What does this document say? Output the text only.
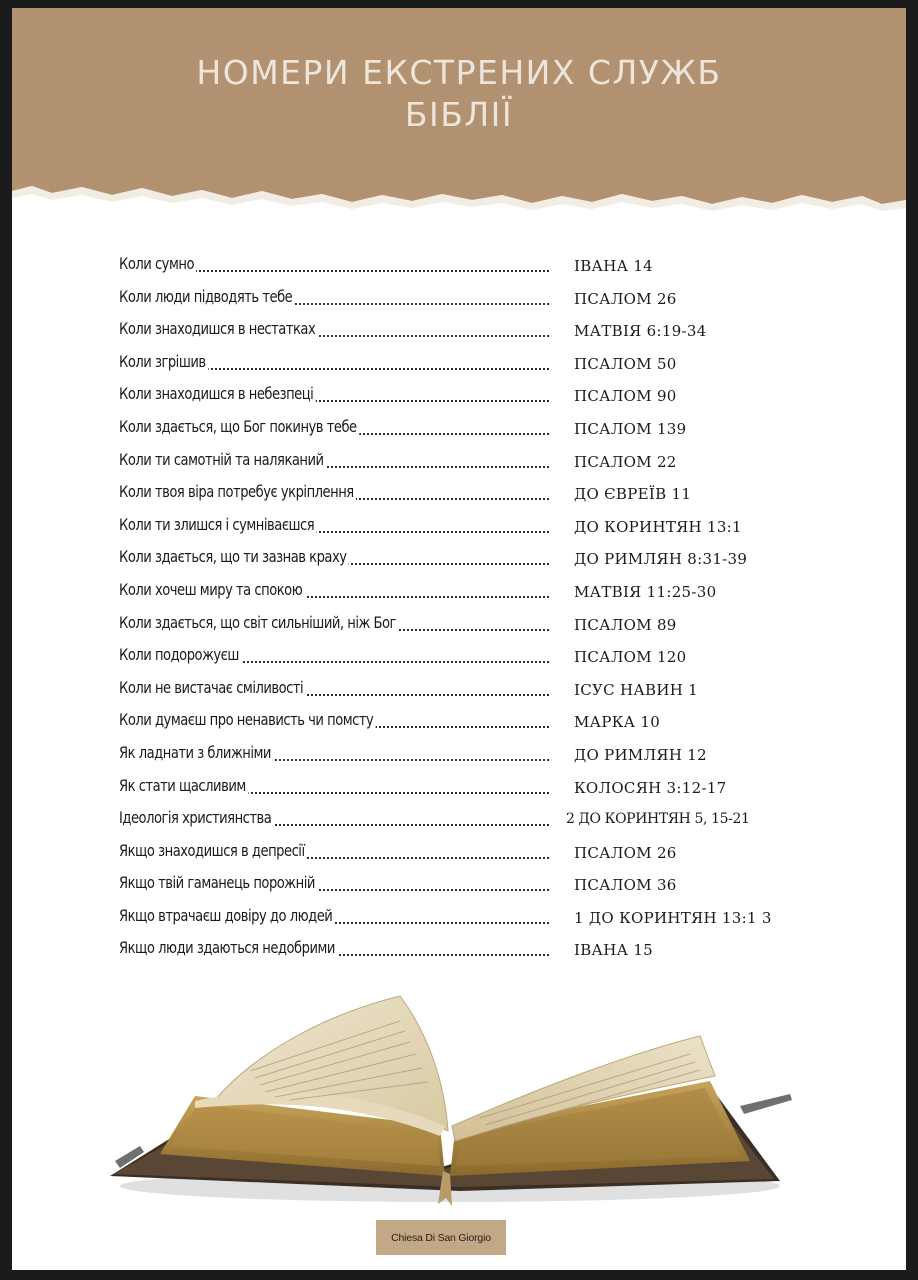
НОМЕРИ ЕКСТРЕНИХ СЛУЖБ
БІБЛІЇ
Коли сумно	ІВАНА 14
Коли люди підводять тебе	ПСАЛОМ 26
Коли знаходишся в нестатках	МАТВІЯ 6:19-34
Коли згрішив	ПСАЛОМ 50
Коли знаходишся в небезпеці	ПСАЛОМ 90
Коли здається, що Бог покинув тебе	ПСАЛОМ 139
Коли ти самотній та наляканий	ПСАЛОМ 22
Коли твоя віра потребує укріплення	ДО ЄВРЕЇВ 11
Коли ти злишся і сумніваєшся	ДО КОРИНТЯН 13:1
Коли здається, що ти зазнав краху	ДО РИМЛЯН 8:31-39
Коли хочеш миру та спокою	МАТВІЯ 11:25-30
Коли здається, що світ сильніший, ніж Бог	ПСАЛОМ 89
Коли подорожуєш	ПСАЛОМ 120
Коли не вистачає сміливості	ІСУС НАВИН 1
Коли думаєш про ненависть чи помсту	МАРКА 10
Як ладнати з ближніми	ДО РИМЛЯН 12
Як стати щасливим	КОЛОСЯН 3:12-17
Ідеологія християнства	2 ДО КОРИНТЯН 5, 15-21
Якщо знаходишся в депресії	ПСАЛОМ 26
Якщо твій гаманець порожній	ПСАЛОМ 36
Якщо втрачаєш довіру до людей	1 ДО КОРИНТЯН 13:1 3
Якщо люди здаються недобрими	ІВАНА 15
Chiesa Di San Giorgio
